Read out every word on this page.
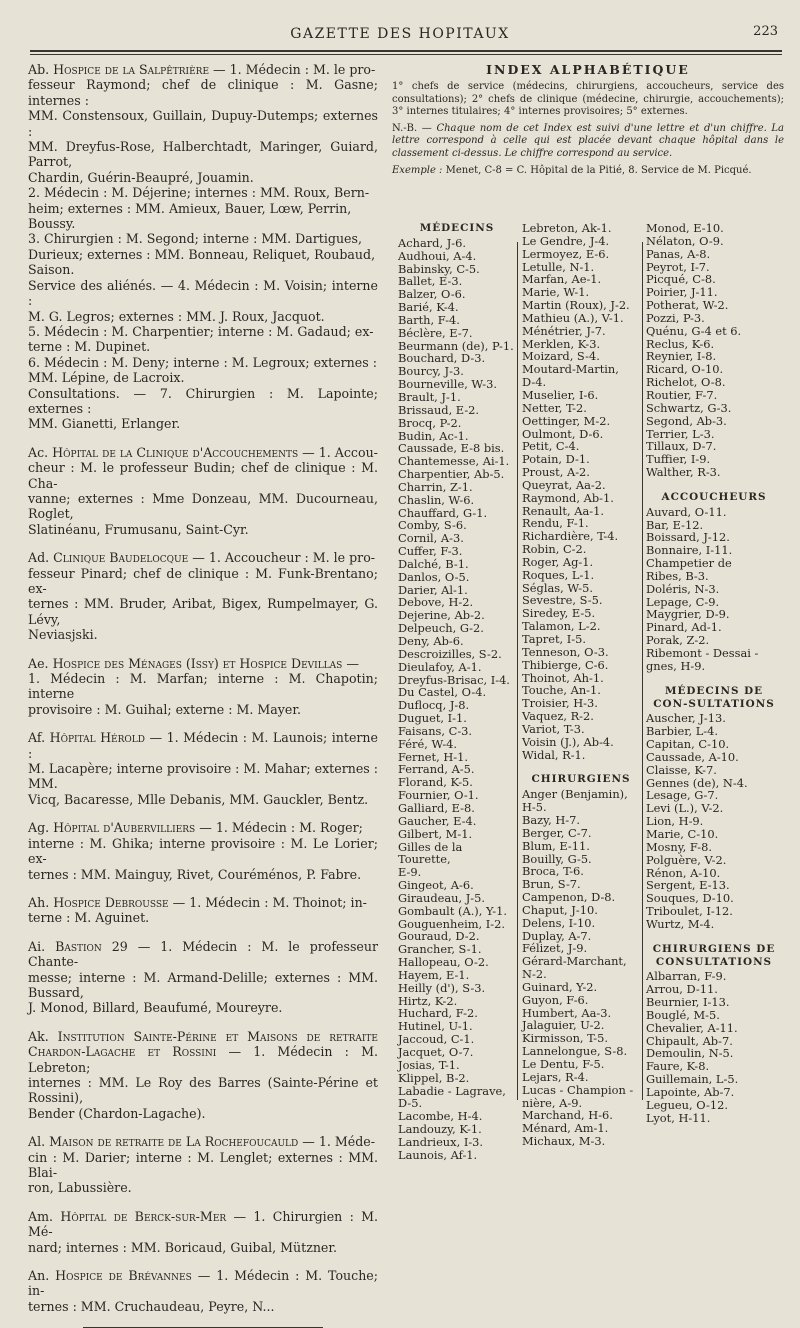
GAZETTE DES HOPITAUX	223
Ab. Hospice de la Salpêtrière — 1. Médecin : M. le pro-
fesseur Raymond; chef de clinique : M. Gasne; internes :
MM. Constensoux, Guillain, Dupuy-Dutemps; externes :
MM. Dreyfus-Rose, Halberchtadt, Maringer, Guiard, Parrot,
Chardin, Guérin-Beaupré, Jouamin.
2. Médecin : M. Déjerine; internes : MM. Roux, Bern-
heim; externes : MM. Amieux, Bauer, Lœw, Perrin,
Boussy.
3. Chirurgien : M. Segond; interne : MM. Dartigues,
Durieux; externes : MM. Bonneau, Reliquet, Roubaud,
Saison.
Service des aliénés. — 4. Médecin : M. Voisin; interne :
M. G. Legros; externes : MM. J. Roux, Jacquot.
5. Médecin : M. Charpentier; interne : M. Gadaud; ex-
terne : M. Dupinet.
6. Médecin : M. Deny; interne : M. Legroux; externes :
MM. Lépine, de Lacroix.
Consultations. — 7. Chirurgien : M. Lapointe; externes :
MM. Gianetti, Erlanger.
Ac. Hôpital de la Clinique d'Accouchements — 1. Accou-
cheur : M. le professeur Budin; chef de clinique : M. Cha-
vanne; externes : Mme Donzeau, MM. Ducourneau, Roglet,
Slatinéanu, Frumusanu, Saint-Cyr.
Ad. Clinique Baudelocque — 1. Accoucheur : M. le pro-
fesseur Pinard; chef de clinique : M. Funk-Brentano; ex-
ternes : MM. Bruder, Aribat, Bigex, Rumpelmayer, G. Lévy,
Neviasjski.
Ae. Hospice des Ménages (Issy) et Hospice Devillas —
1. Médecin : M. Marfan; interne : M. Chapotin; interne
provisoire : M. Guihal; externe : M. Mayer.
Af. Hôpital Hérold — 1. Médecin : M. Launois; interne :
M. Lacapère; interne provisoire : M. Mahar; externes : MM.
Vicq, Bacaresse, Mlle Debanis, MM. Gauckler, Bentz.
Ag. Hôpital d'Aubervilliers — 1. Médecin : M. Roger;
interne : M. Ghika; interne provisoire : M. Le Lorier; ex-
ternes : MM. Mainguy, Rivet, Couréménos, P. Fabre.
Ah. Hospice Debrousse — 1. Médecin : M. Thoinot; in-
terne : M. Aguinet.
Ai. Bastion 29 — 1. Médecin : M. le professeur Chante-
messe; interne : M. Armand-Delille; externes : MM. Bussard,
J. Monod, Billard, Beaufumé, Moureyre.
Ak. Institution Sainte-Périne et Maisons de retraite Chardon-Lagache et Rossini — 1. Médecin : M. Lebreton;
internes : MM. Le Roy des Barres (Sainte-Périne et Rossini),
Bender (Chardon-Lagache).
Al. Maison de retraite de La Rochefoucauld — 1. Méde-
cin : M. Darier; interne : M. Lenglet; externes : MM. Blai-
ron, Labussière.
Am. Hôpital de Berck-sur-Mer — 1. Chirurgien : M. Mé-
nard; internes : MM. Boricaud, Guibal, Mützner.
An. Hospice de Brévannes — 1. Médecin : M. Touche; in-
ternes : MM. Cruchaudeau, Peyre, N...
INDEX ALPHABÉTIQUE
1° chefs de service (médecins, chirurgiens, accoucheurs, service des consultations); 2° chefs de clinique (médecine, chirurgie, accouchements); 3° internes titulaires; 4° internes provisoires; 5° externes.
N.-B. — Chaque nom de cet Index est suivi d'une lettre et d'un chiffre. La lettre correspond à celle qui est placée devant chaque hôpital dans le classement ci-dessus. Le chiffre correspond au service.
Exemple : Menet, C-8 = C. Hôpital de la Pitié, 8. Service de M. Picqué.
MÉDECINS
Achard, J-6.
Audhoui, A-4.
Babinsky, C-5.
Ballet, E-3.
Balzer, O-6.
Barié, K-4.
Barth, F-4.
Béclère, E-7.
Beurmann (de), P-1.
Bouchard, D-3.
Bourcy, J-3.
Bourneville, W-3.
Brault, J-1.
Brissaud, E-2.
Brocq, P-2.
Budin, Ac-1.
Caussade, E-8 bis.
Chantemesse, Ai-1.
Charpentier, Ab-5.
Charrin, Z-1.
Chaslin, W-6.
Chauffard, G-1.
Comby, S-6.
Cornil, A-3.
Cuffer, F-3.
Dalché, B-1.
Danlos, O-5.
Darier, Al-1.
Debove, H-2.
Dejerine, Ab-2.
Delpeuch, G-2.
Deny, Ab-6.
Descroizilles, S-2.
Dieulafoy, A-1.
Dreyfus-Brisac, I-4.
Du Castel, O-4.
Duflocq, J-8.
Duguet, I-1.
Faisans, C-3.
Féré, W-4.
Fernet, H-1.
Ferrand, A-5.
Florand, K-5.
Fournier, O-1.
Galliard, E-8.
Gaucher, E-4.
Gilbert, M-1.
Gilles de la Tourette,
E-9.
Gingeot, A-6.
Giraudeau, J-5.
Gombault (A.), Y-1.
Gouguenheim, I-2.
Gouraud, D-2.
Grancher, S-1.
Hallopeau, O-2.
Hayem, E-1.
Heilly (d'), S-3.
Hirtz, K-2.
Huchard, F-2.
Hutinel, U-1.
Jaccoud, C-1.
Jacquet, O-7.
Josias, T-1.
Klippel, B-2.
Labadie - Lagrave,
D-5.
Lacombe, H-4.
Landouzy, K-1.
Landrieux, I-3.
Launois, Af-1.
Lebreton, Ak-1.
Le Gendre, J-4.
Lermoyez, E-6.
Letulle, N-1.
Marfan, Ae-1.
Marie, W-1.
Martin (Roux), J-2.
Mathieu (A.), V-1.
Ménétrier, J-7.
Merklen, K-3.
Moizard, S-4.
Moutard-Martin,
D-4.
Muselier, I-6.
Netter, T-2.
Oettinger, M-2.
Oulmont, D-6.
Petit, C-4.
Potain, D-1.
Proust, A-2.
Queyrat, Aa-2.
Raymond, Ab-1.
Renault, Aa-1.
Rendu, F-1.
Richardière, T-4.
Robin, C-2.
Roger, Ag-1.
Roques, L-1.
Séglas, W-5.
Sevestre, S-5.
Siredey, E-5.
Talamon, L-2.
Tapret, I-5.
Tenneson, O-3.
Thibierge, C-6.
Thoinot, Ah-1.
Touche, An-1.
Troisier, H-3.
Vaquez, R-2.
Variot, T-3.
Voisin (J.), Ab-4.
Widal, R-1.
CHIRURGIENS
Anger (Benjamin),
H-5.
Bazy, H-7.
Berger, C-7.
Blum, E-11.
Bouilly, G-5.
Broca, T-6.
Brun, S-7.
Campenon, D-8.
Chaput, J-10.
Delens, I-10.
Duplay, A-7.
Félizet, J-9.
Gérard-Marchant,
N-2.
Guinard, Y-2.
Guyon, F-6.
Humbert, Aa-3.
Jalaguier, U-2.
Kirmisson, T-5.
Lannelongue, S-8.
Le Dentu, F-5.
Lejars, R-4.
Lucas - Champion -
nière, A-9.
Marchand, H-6.
Ménard, Am-1.
Michaux, M-3.
Monod, E-10.
Nélaton, O-9.
Panas, A-8.
Peyrot, I-7.
Picqué, C-8.
Poirier, J-11.
Potherat, W-2.
Pozzi, P-3.
Quénu, G-4 et 6.
Reclus, K-6.
Reynier, I-8.
Ricard, O-10.
Richelot, O-8.
Routier, F-7.
Schwartz, G-3.
Segond, Ab-3.
Terrier, L-3.
Tillaux, D-7.
Tuffier, I-9.
Walther, R-3.
ACCOUCHEURS
Auvard, O-11.
Bar, E-12.
Boissard, J-12.
Bonnaire, I-11.
Champetier de
Ribes, B-3.
Doléris, N-3.
Lepage, C-9.
Maygrier, D-9.
Pinard, Ad-1.
Porak, Z-2.
Ribemont - Dessai -
gnes, H-9.
MÉDECINS DE CON-SULTATIONS
Auscher, J-13.
Barbier, L-4.
Capitan, C-10.
Caussade, A-10.
Claisse, K-7.
Gennes (de), N-4.
Lesage, G-7.
Levi (L.), V-2.
Lion, H-9.
Marie, C-10.
Mosny, F-8.
Polguère, V-2.
Rénon, A-10.
Sergent, E-13.
Souques, D-10.
Triboulet, I-12.
Wurtz, M-4.
CHIRURGIENS DE CONSULTATIONS
Albarran, F-9.
Arrou, D-11.
Beurnier, I-13.
Bouglé, M-5.
Chevalier, A-11.
Chipault, Ab-7.
Demoulin, N-5.
Faure, K-8.
Guillemain, L-5.
Lapointe, Ab-7.
Legueu, O-12.
Lyot, H-11.
